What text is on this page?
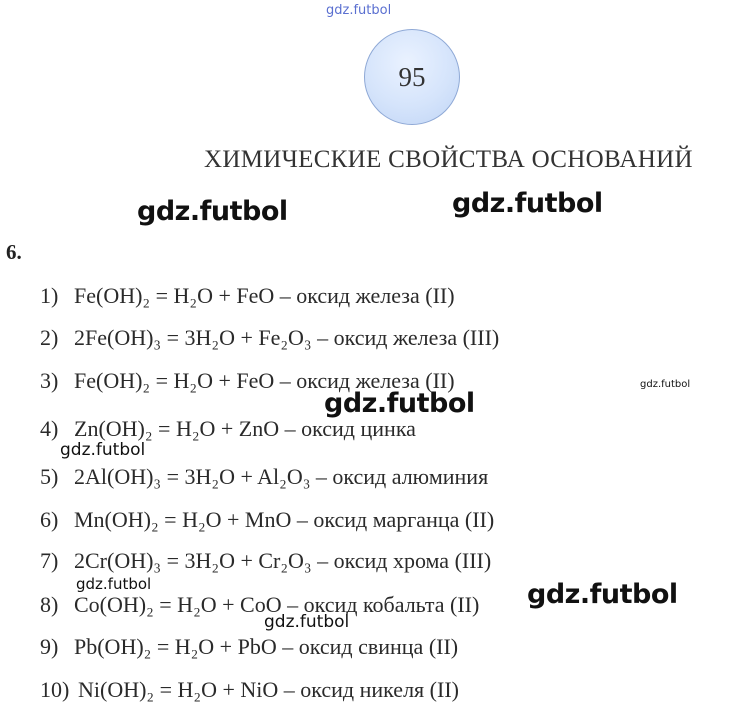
gdz.futbol
95
ХИМИЧЕСКИЕ СВОЙСТВА ОСНОВАНИЙ
gdz.futbol	gdz.futbol
6.
1) Fe(OH)₂ = H₂O + FeO – оксид железа (II)
2) 2Fe(OH)₃ = 3H₂O + Fe₂O₃ – оксид железа (III)
3) Fe(OH)₂ = H₂O + FeO – оксид железа (II)	gdz.futbol
gdz.futbol
4) Zn(OH)₂ = H₂O + ZnO – оксид цинка
gdz.futbol
5) 2Al(OH)₃ = 3H₂O + Al₂O₃ – оксид алюминия
6) Mn(OH)₂ = H₂O + MnO – оксид марганца (II)
7) 2Cr(OH)₃ = 3H₂O + Cr₂O₃ – оксид хрома (III)
gdz.futbol
8) Co(OH)₂ = H₂O + CoO – оксид кобальта (II) gdz.futbol
gdz.futbol
9) Pb(OH)₂ = H₂O + PbO – оксид свинца (II)
10) Ni(OH)₂ = H₂O + NiO – оксид никеля (II)
